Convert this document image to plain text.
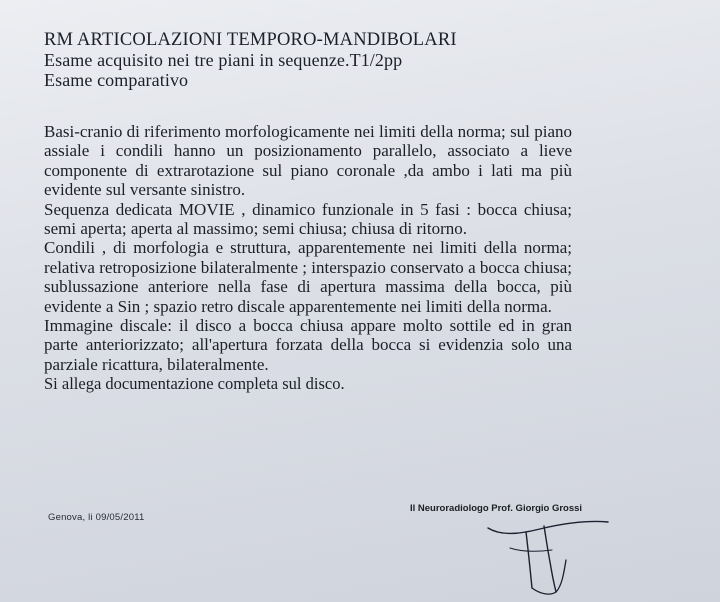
RM ARTICOLAZIONI TEMPORO-MANDIBOLARI

Esame acquisito nei tre piani in sequenze.T1/2pp

Esame comparativo

Basi-cranio di riferimento morfologicamente nei limiti della norma; sul piano assiale i condili hanno un posizionamento parallelo, associato a lieve componente di extrarotazione sul piano coronale ,da ambo i lati ma più evidente sul versante sinistro.

Sequenza dedicata MOVIE , dinamico funzionale in 5 fasi : bocca chiusa; semi aperta; aperta al massimo; semi chiusa; chiusa di ritorno.

Condili , di morfologia e struttura, apparentemente nei limiti della norma; relativa retroposizione bilateralmente ; interspazio conservato a bocca chiusa; sublussazione anteriore nella fase di apertura massima della bocca, più evidente a Sin ; spazio retro discale apparentemente nei limiti della norma.

Immagine discale: il disco a bocca chiusa appare molto sottile ed in gran parte anteriorizzato; all'apertura forzata della bocca si evidenzia solo una parziale ricattura, bilateralmente.

Si allega documentazione completa sul disco.

Genova, li 09/05/2011
Il Neuroradiologo Prof. Giorgio Grossi
